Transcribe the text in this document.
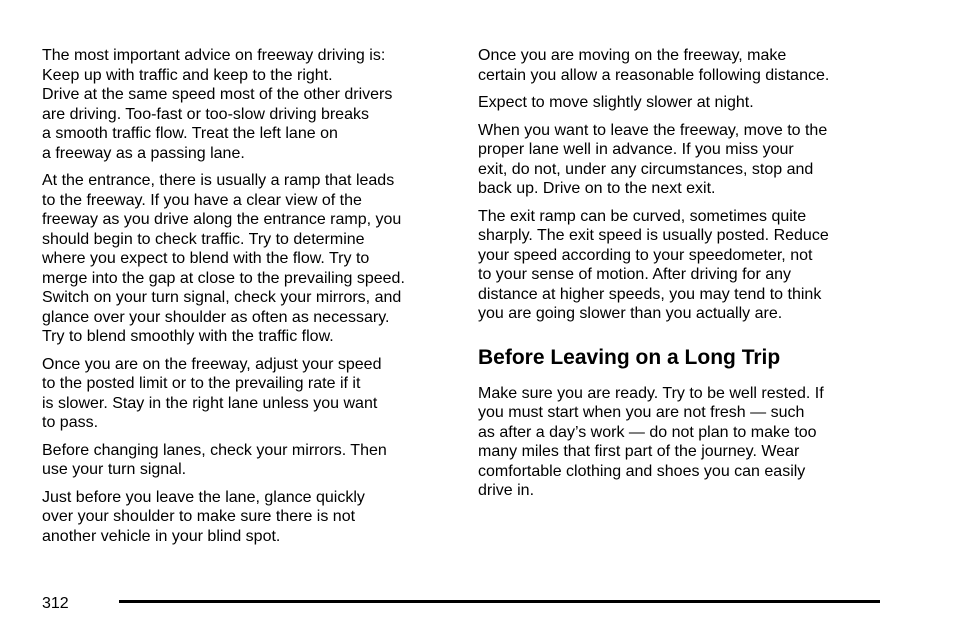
The most important advice on freeway driving is:
Keep up with traffic and keep to the right.
Drive at the same speed most of the other drivers
are driving. Too-fast or too-slow driving breaks
a smooth traffic flow. Treat the left lane on
a freeway as a passing lane.

At the entrance, there is usually a ramp that leads
to the freeway. If you have a clear view of the
freeway as you drive along the entrance ramp, you
should begin to check traffic. Try to determine
where you expect to blend with the flow. Try to
merge into the gap at close to the prevailing speed.
Switch on your turn signal, check your mirrors, and
glance over your shoulder as often as necessary.
Try to blend smoothly with the traffic flow.

Once you are on the freeway, adjust your speed
to the posted limit or to the prevailing rate if it
is slower. Stay in the right lane unless you want
to pass.

Before changing lanes, check your mirrors. Then
use your turn signal.

Just before you leave the lane, glance quickly
over your shoulder to make sure there is not
another vehicle in your blind spot.

Once you are moving on the freeway, make
certain you allow a reasonable following distance.

Expect to move slightly slower at night.

When you want to leave the freeway, move to the
proper lane well in advance. If you miss your
exit, do not, under any circumstances, stop and
back up. Drive on to the next exit.

The exit ramp can be curved, sometimes quite
sharply. The exit speed is usually posted. Reduce
your speed according to your speedometer, not
to your sense of motion. After driving for any
distance at higher speeds, you may tend to think
you are going slower than you actually are.

Before Leaving on a Long Trip

Make sure you are ready. Try to be well rested. If
you must start when you are not fresh — such
as after a day’s work — do not plan to make too
many miles that first part of the journey. Wear
comfortable clothing and shoes you can easily
drive in.

312
